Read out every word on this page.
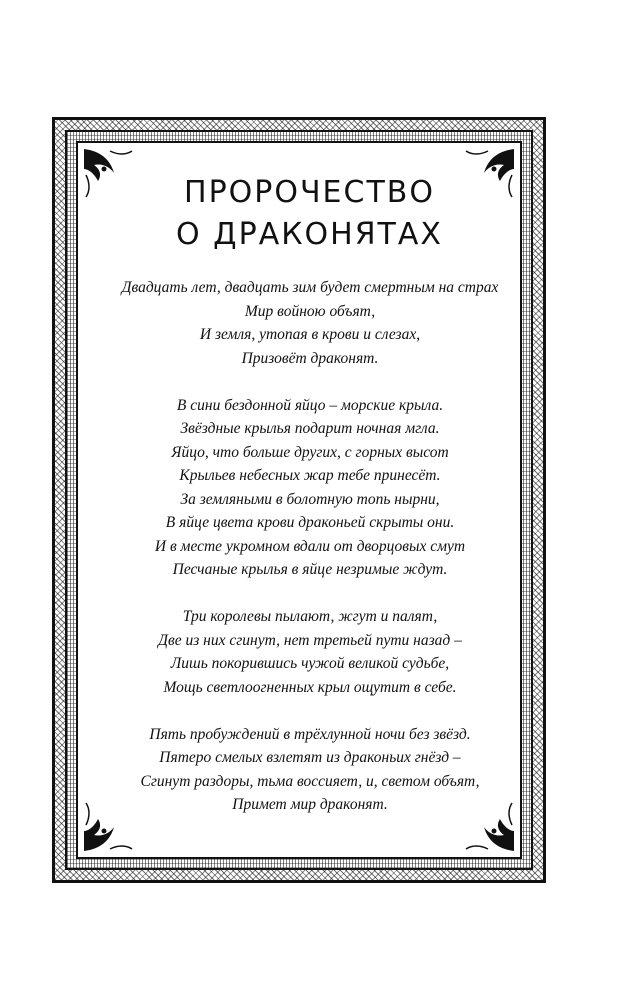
ПРОРОЧЕСТВО
О ДРАКОНЯТАХ
Двадцать лет, двадцать зим будет смертным на страх
Мир войною объят,
И земля, утопая в крови и слезах,
Призовёт драконят.
В сини бездонной яйцо – морские крыла.
Звёздные крылья подарит ночная мгла.
Яйцо, что больше других, с горных высот
Крыльев небесных жар тебе принесёт.
За земляными в болотную топь нырни,
В яйце цвета крови драконьей скрыты они.
И в месте укромном вдали от дворцовых смут
Песчаные крылья в яйце незримые ждут.
Три королевы пылают, жгут и палят,
Две из них сгинут, нет третьей пути назад –
Лишь покорившись чужой великой судьбе,
Мощь светлоогненных крыл ощутит в себе.
Пять пробуждений в трёхлунной ночи без звёзд.
Пятеро смелых взлетят из драконьих гнёзд –
Сгинут раздоры, тьма воссияет, и, светом объят,
Примет мир драконят.
